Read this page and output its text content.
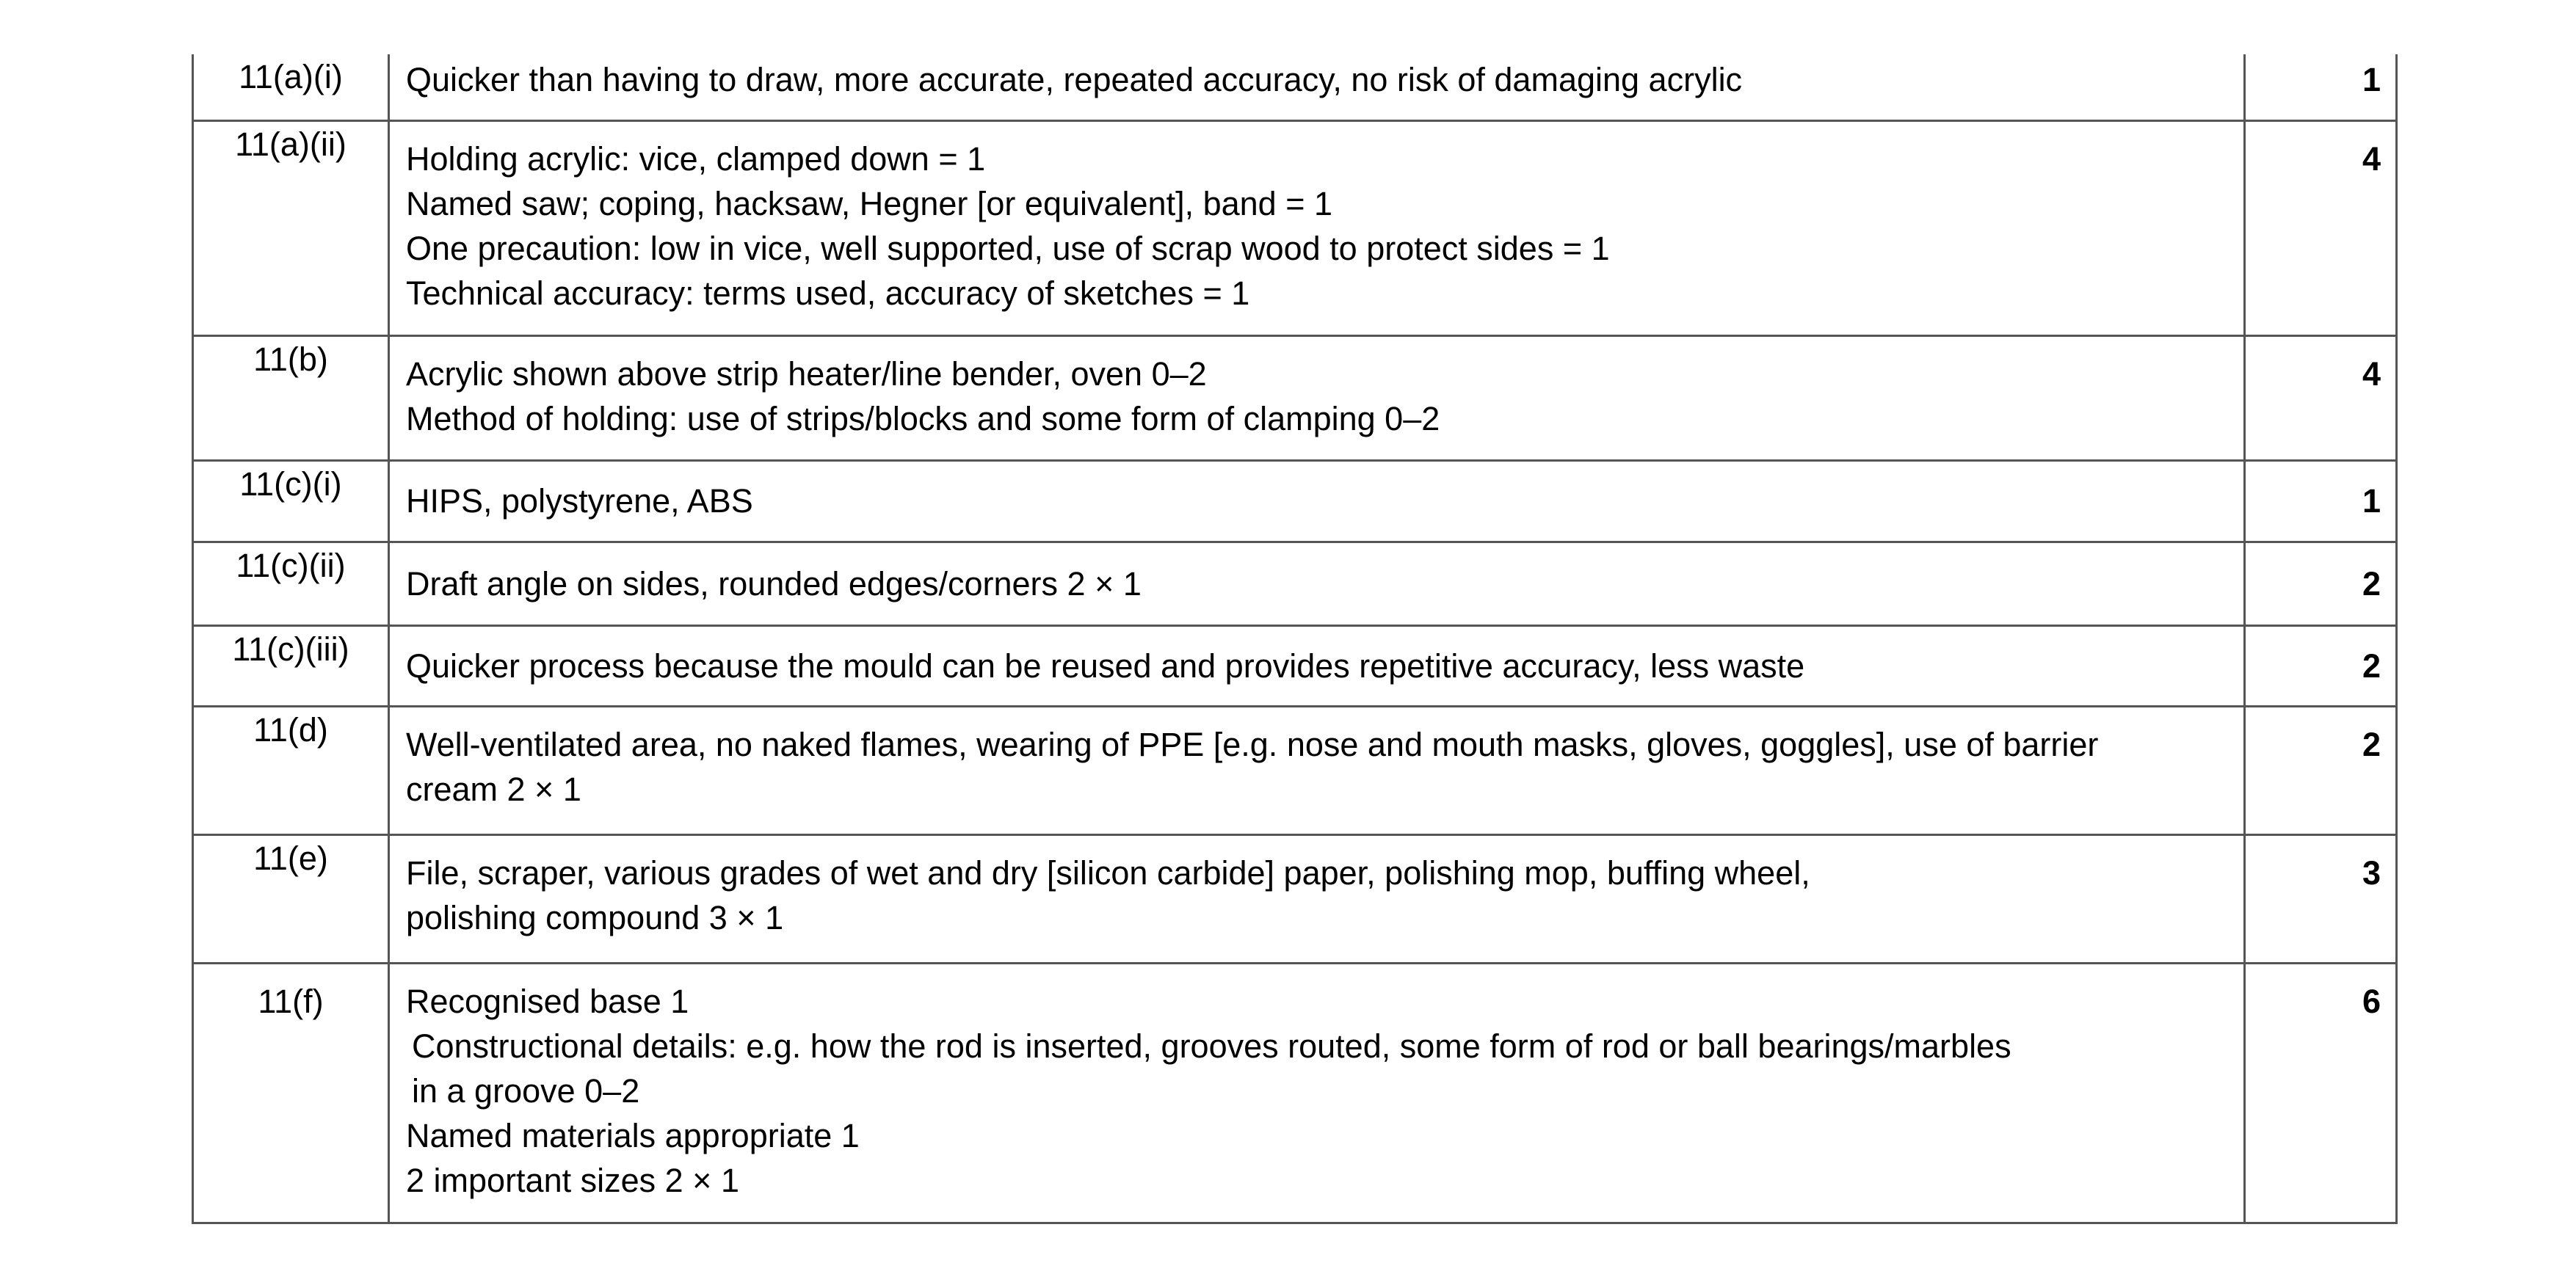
11(a)(i)	Quicker than having to draw, more accurate, repeated accuracy, no risk of damaging acrylic	1
11(a)(ii)	Holding acrylic: vice, clamped down = 1
Named saw; coping, hacksaw, Hegner [or equivalent], band = 1
One precaution: low in vice, well supported, use of scrap wood to protect sides = 1
Technical accuracy: terms used, accuracy of sketches = 1	4
11(b)	Acrylic shown above strip heater/line bender, oven 0–2
Method of holding: use of strips/blocks and some form of clamping 0–2	4
11(c)(i)	HIPS, polystyrene, ABS	1
11(c)(ii)	Draft angle on sides, rounded edges/corners 2 × 1	2
11(c)(iii)	Quicker process because the mould can be reused and provides repetitive accuracy, less waste	2
11(d)	Well-ventilated area, no naked flames, wearing of PPE [e.g. nose and mouth masks, gloves, goggles], use of barrier
cream 2 × 1	2
11(e)	File, scraper, various grades of wet and dry [silicon carbide] paper, polishing mop, buffing wheel,
polishing compound 3 × 1	3
11(f)	Recognised base 1
Constructional details: e.g. how the rod is inserted, grooves routed, some form of rod or ball bearings/marbles
in a groove 0–2
Named materials appropriate 1
2 important sizes 2 × 1	6
